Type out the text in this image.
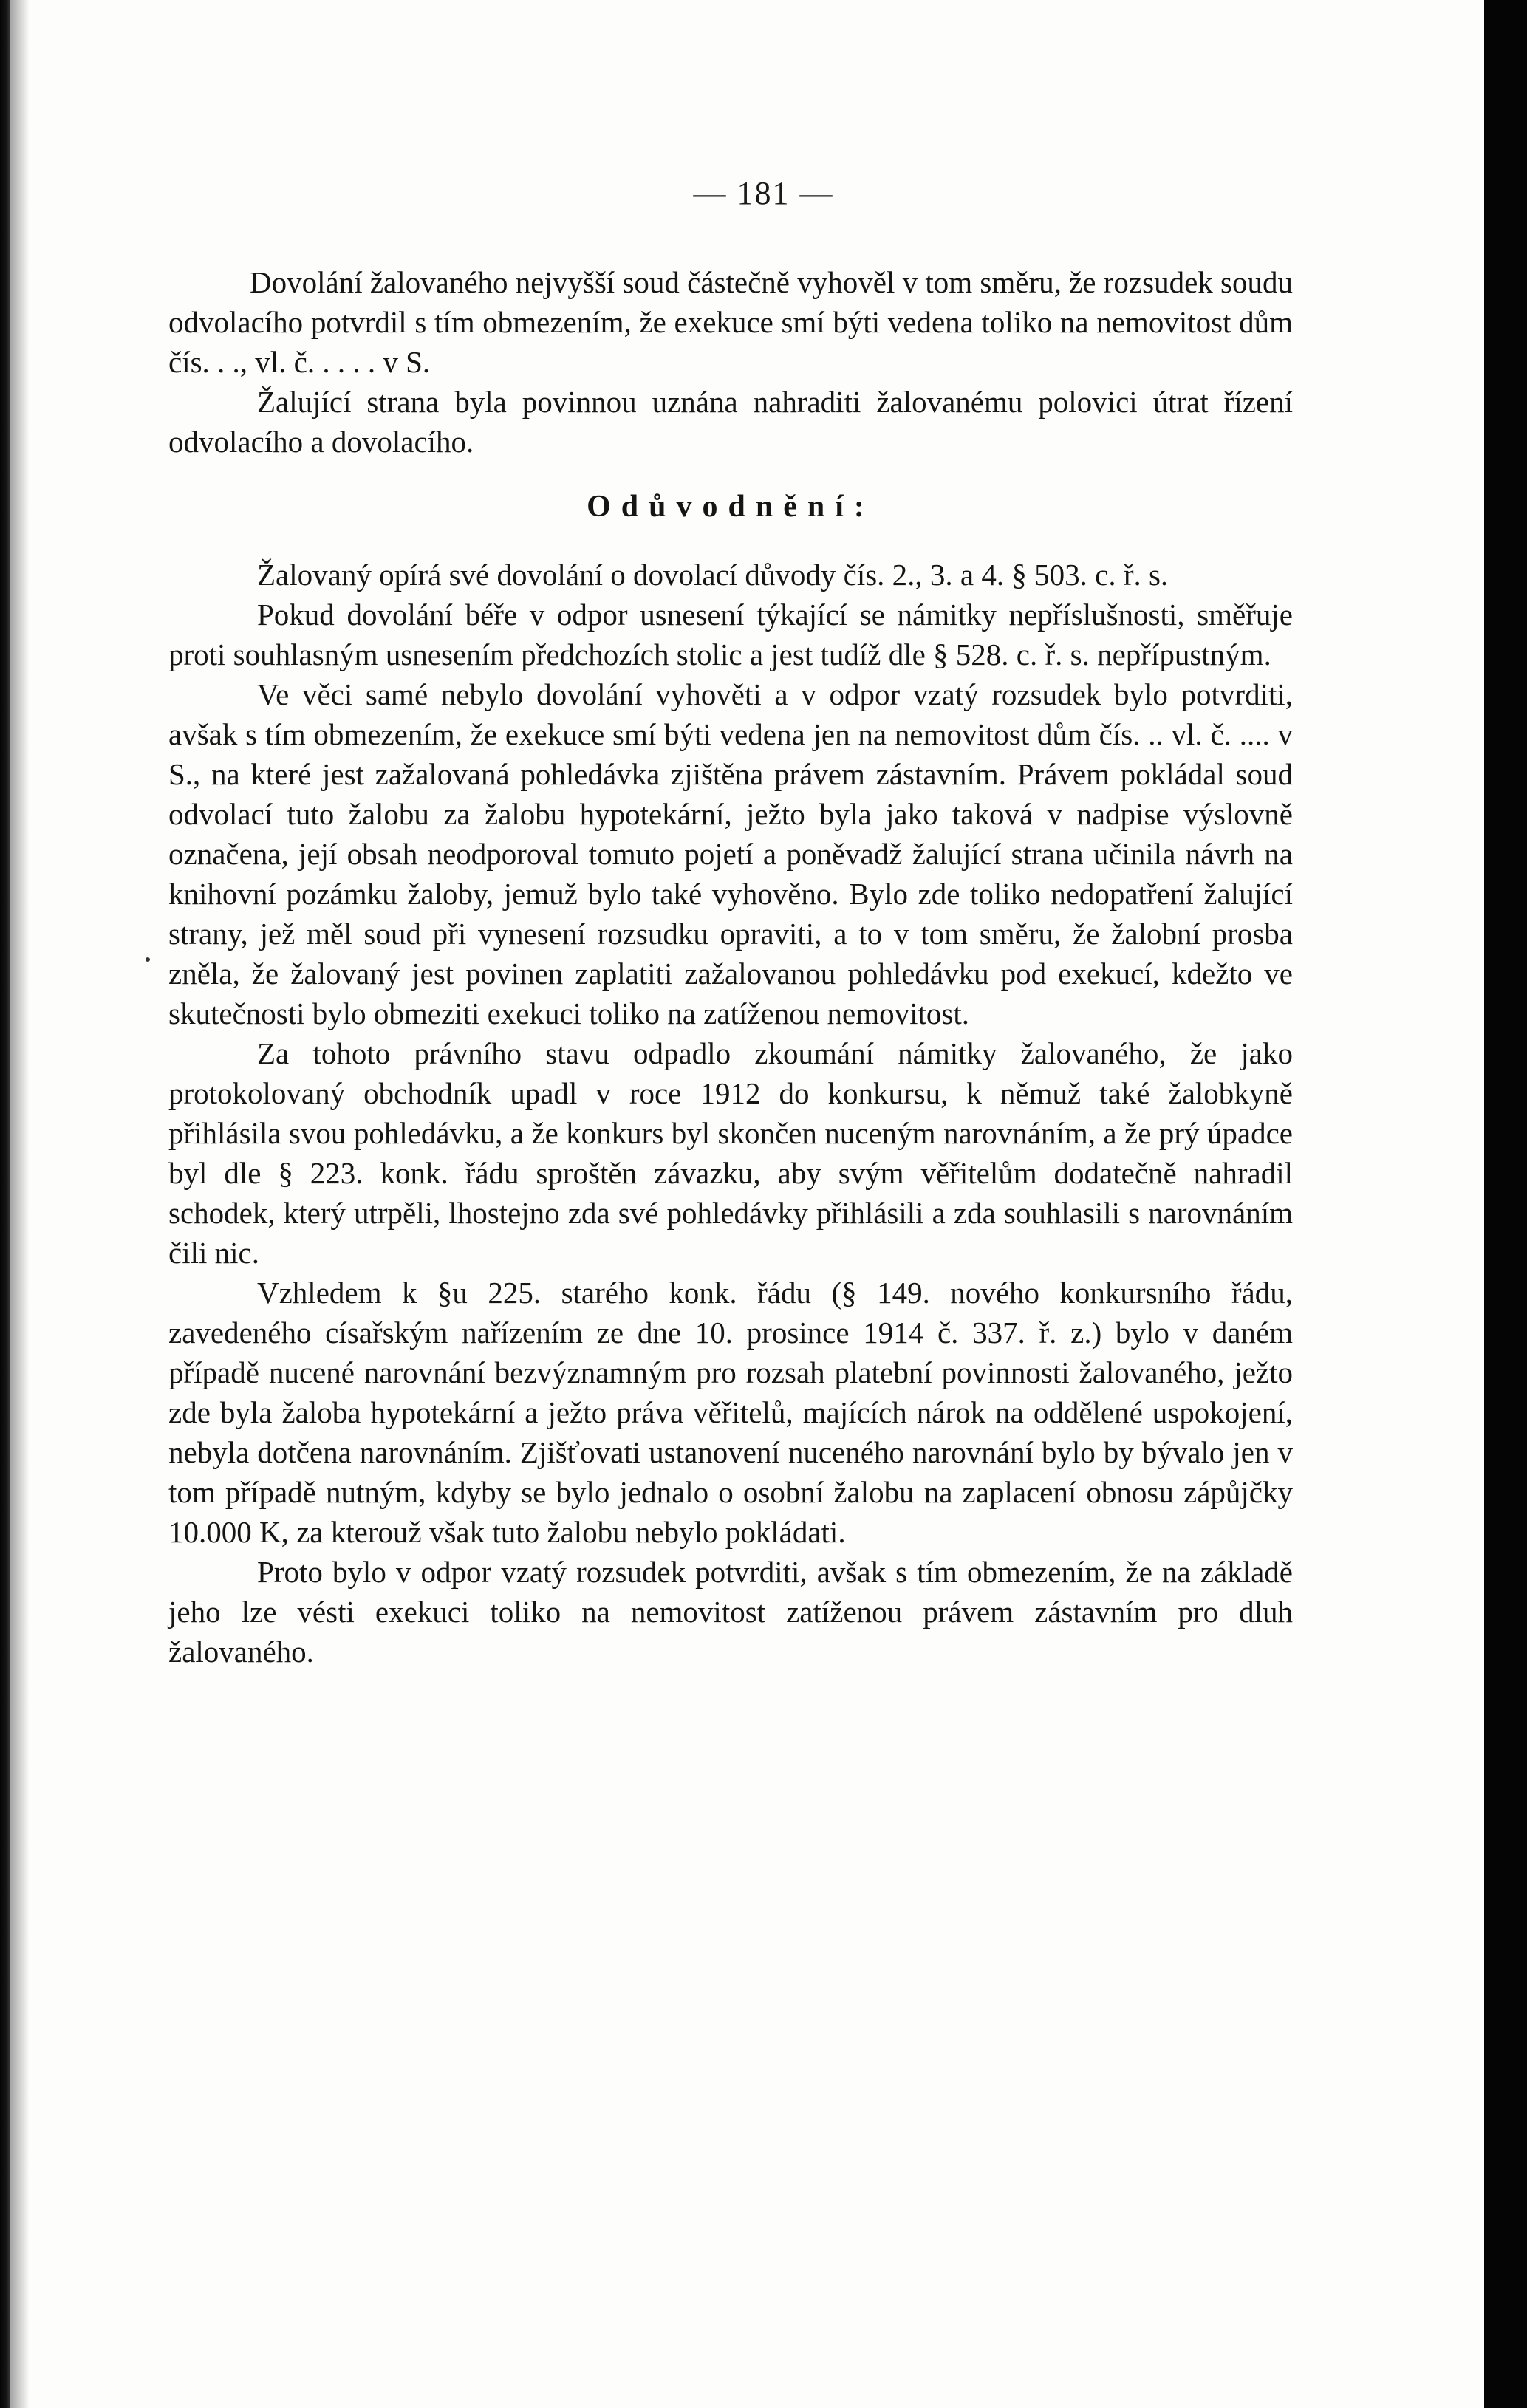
— 181 —

Dovolání žalovaného nejvyšší soud částečně vyhověl v tom směru, že rozsudek soudu odvolacího potvrdil s tím obmezením, že exekuce smí býti vedena toliko na nemovitost dům čís. . ., vl. č. . . . . v S.

Žalující strana byla povinnou uznána nahraditi žalovanému polovici útrat řízení odvolacího a dovolacího.

Odůvodnění:

Žalovaný opírá své dovolání o dovolací důvody čís. 2., 3. a 4. § 503. c. ř. s.

Pokud dovolání béře v odpor usnesení týkající se námitky nepříslušnosti, směřuje proti souhlasným usnesením předchozích stolic a jest tudíž dle § 528. c. ř. s. nepřípustným.

Ve věci samé nebylo dovolání vyhověti a v odpor vzatý rozsudek bylo potvrditi, avšak s tím obmezením, že exekuce smí býti vedena jen na nemovitost dům čís. .. vl. č. .... v S., na které jest zažalovaná pohledávka zjištěna právem zástavním. Právem pokládal soud odvolací tuto žalobu za žalobu hypotekární, ježto byla jako taková v nadpise výslovně označena, její obsah neodporoval tomuto pojetí a poněvadž žalující strana učinila návrh na knihovní pozámku žaloby, jemuž bylo také vyhověno. Bylo zde toliko nedopatření žalující strany, jež měl soud při vynesení rozsudku opraviti, a to v tom směru, že žalobní prosba zněla, že žalovaný jest povinen zaplatiti zažalovanou pohledávku pod exekucí, kdežto ve skutečnosti bylo obmeziti exekuci toliko na zatíženou nemovitost.

Za tohoto právního stavu odpadlo zkoumání námitky žalovaného, že jako protokolovaný obchodník upadl v roce 1912 do konkursu, k němuž také žalobkyně přihlásila svou pohledávku, a že konkurs byl skončen nuceným narovnáním, a že prý úpadce byl dle § 223. konk. řádu sproštěn závazku, aby svým věřitelům dodatečně nahradil schodek, který utrpěli, lhostejno zda své pohledávky přihlásili a zda souhlasili s narovnáním čili nic.

Vzhledem k §u 225. starého konk. řádu (§ 149. nového konkursního řádu, zavedeného císařským nařízením ze dne 10. prosince 1914 č. 337. ř. z.) bylo v daném případě nucené narovnání bezvýznamným pro rozsah platební povinnosti žalovaného, ježto zde byla žaloba hypotekární a ježto práva věřitelů, majících nárok na oddělené uspokojení, nebyla dotčena narovnáním. Zjišťovati ustanovení nuceného narovnání bylo by bývalo jen v tom případě nutným, kdyby se bylo jednalo o osobní žalobu na zaplacení obnosu zápůjčky 10.000 K, za kterouž však tuto žalobu nebylo pokládati.

Proto bylo v odpor vzatý rozsudek potvrditi, avšak s tím obmezením, že na základě jeho lze vésti exekuci toliko na nemovitost zatíženou právem zástavním pro dluh žalovaného.
